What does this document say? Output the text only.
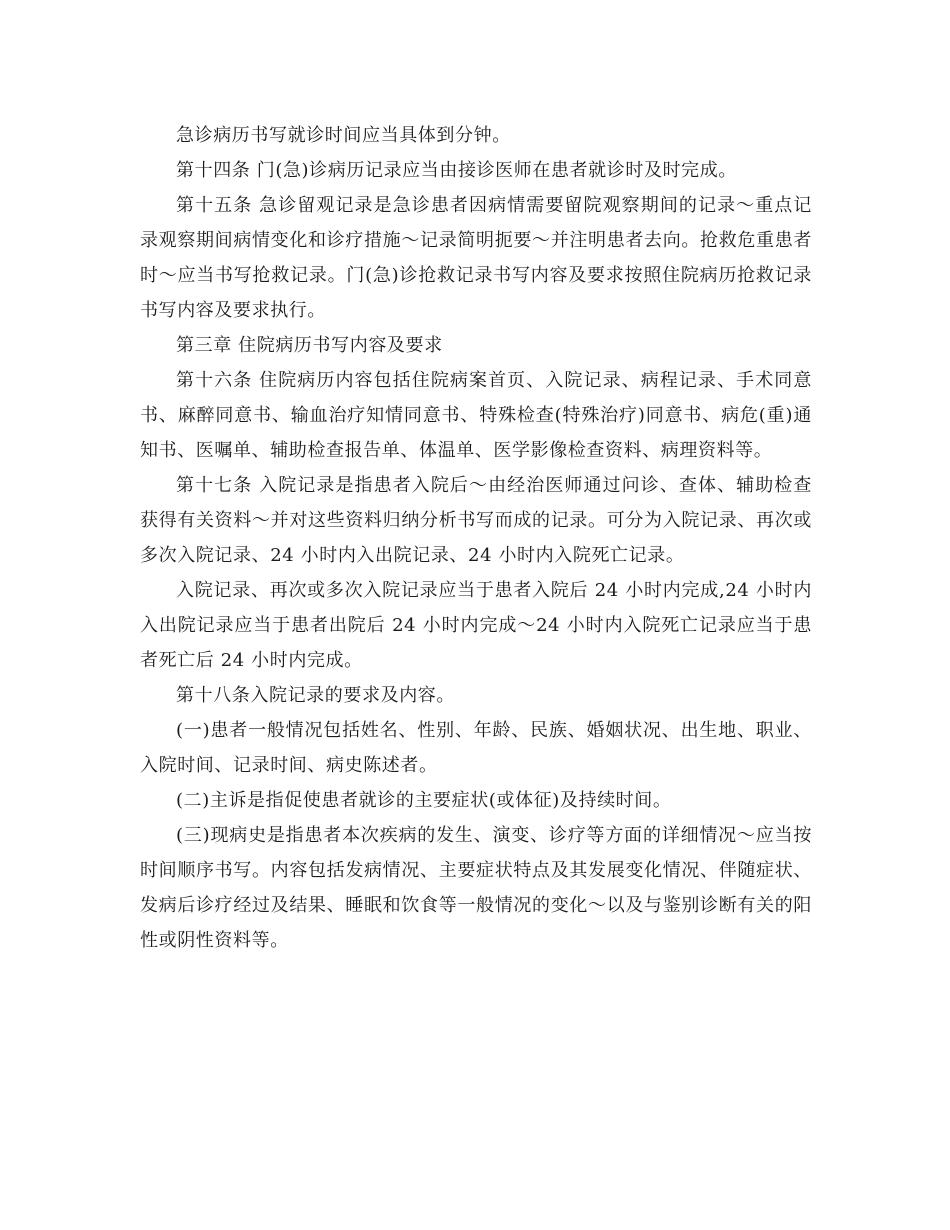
急诊病历书写就诊时间应当具体到分钟。

第十四条 门(急)诊病历记录应当由接诊医师在患者就诊时及时完成。

第十五条 急诊留观记录是急诊患者因病情需要留院观察期间的记录～重点记录观察期间病情变化和诊疗措施～记录简明扼要～并注明患者去向。抢救危重患者时～应当书写抢救记录。门(急)诊抢救记录书写内容及要求按照住院病历抢救记录书写内容及要求执行。

第三章 住院病历书写内容及要求

第十六条 住院病历内容包括住院病案首页、入院记录、病程记录、手术同意书、麻醉同意书、输血治疗知情同意书、特殊检查(特殊治疗)同意书、病危(重)通知书、医嘱单、辅助检查报告单、体温单、医学影像检查资料、病理资料等。

第十七条 入院记录是指患者入院后～由经治医师通过问诊、查体、辅助检查获得有关资料～并对这些资料归纳分析书写而成的记录。可分为入院记录、再次或多次入院记录、24 小时内入出院记录、24 小时内入院死亡记录。

入院记录、再次或多次入院记录应当于患者入院后 24 小时内完成,24 小时内入出院记录应当于患者出院后 24 小时内完成～24 小时内入院死亡记录应当于患者死亡后 24 小时内完成。

第十八条入院记录的要求及内容。

(一)患者一般情况包括姓名、性别、年龄、民族、婚姻状况、出生地、职业、入院时间、记录时间、病史陈述者。

(二)主诉是指促使患者就诊的主要症状(或体征)及持续时间。

(三)现病史是指患者本次疾病的发生、演变、诊疗等方面的详细情况～应当按时间顺序书写。内容包括发病情况、主要症状特点及其发展变化情况、伴随症状、发病后诊疗经过及结果、睡眠和饮食等一般情况的变化～以及与鉴别诊断有关的阳性或阴性资料等。
